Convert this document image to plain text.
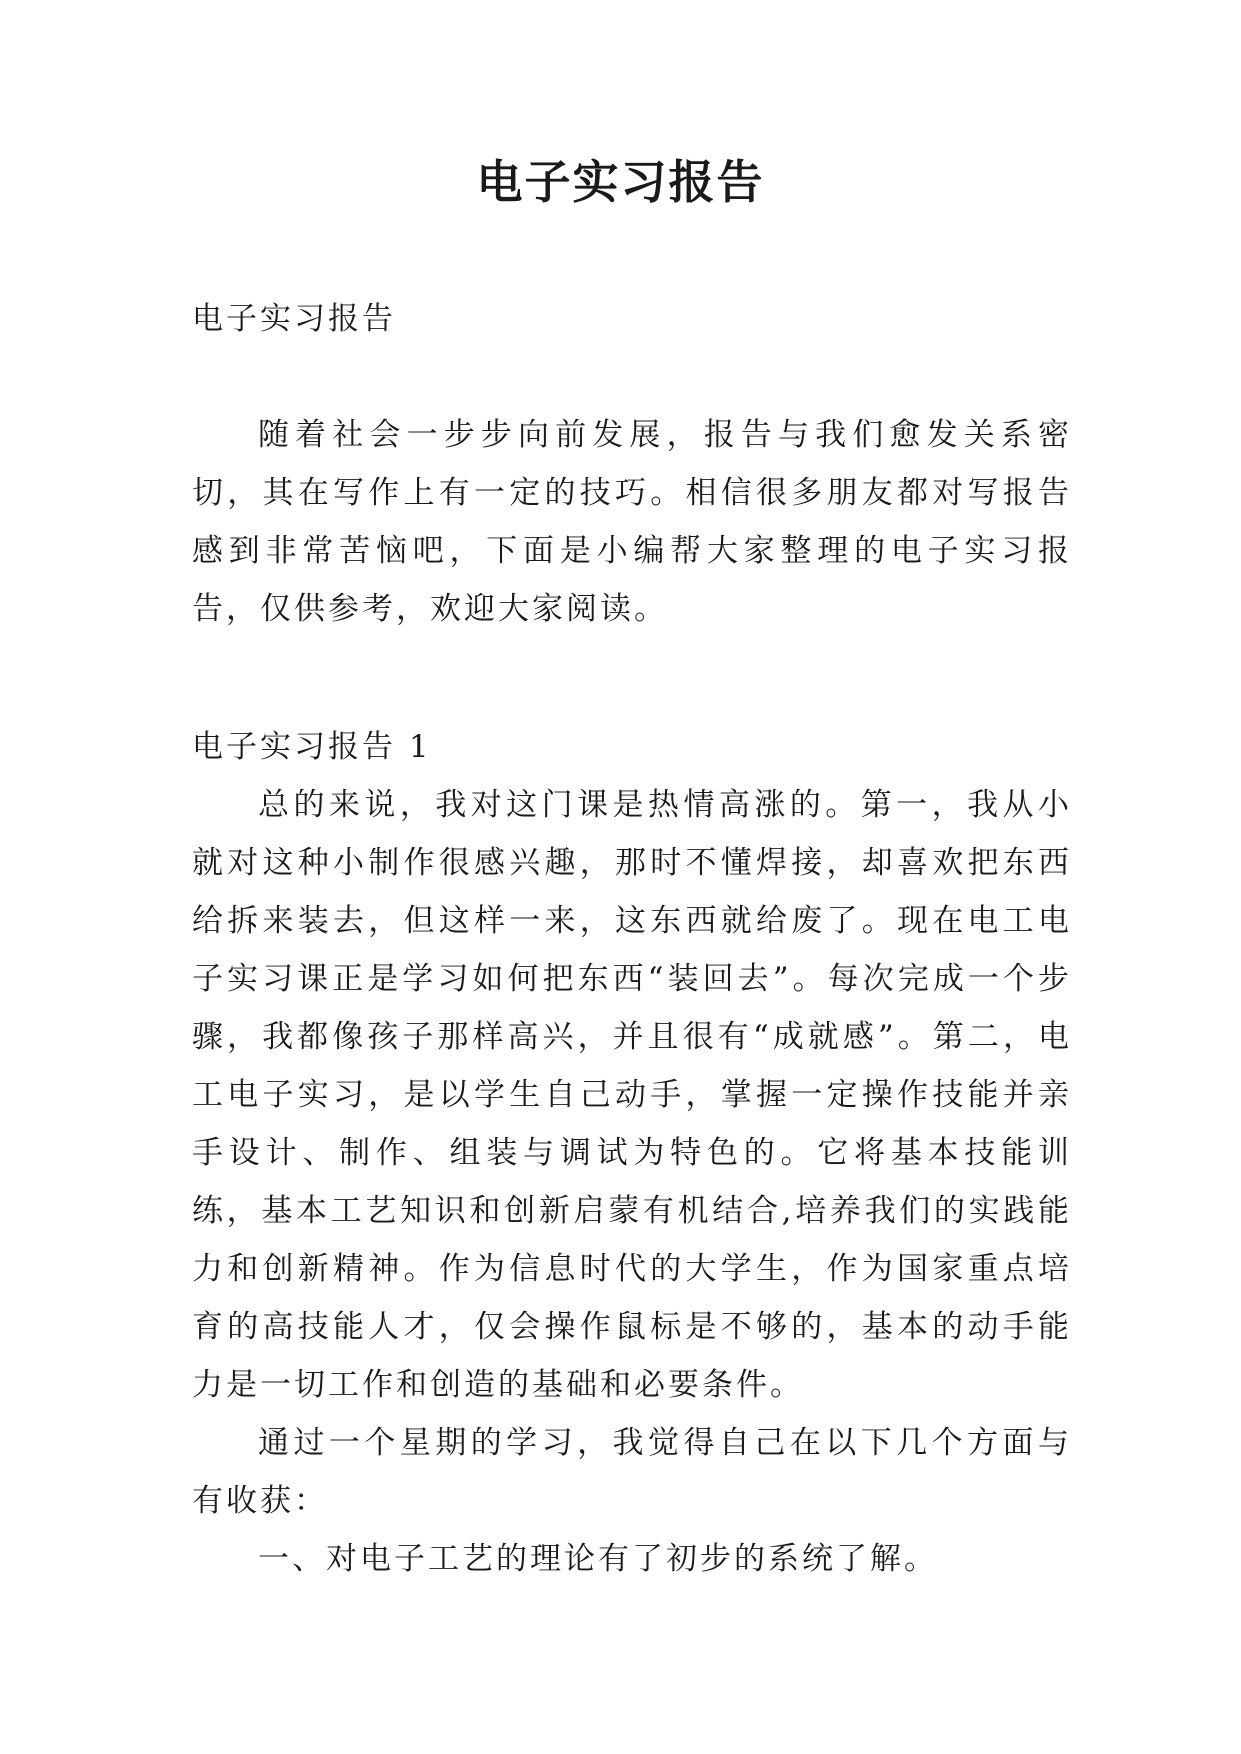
电子实习报告

电子实习报告

随着社会一步步向前发展，报告与我们愈发关系密切，其在写作上有一定的技巧。相信很多朋友都对写报告感到非常苦恼吧，下面是小编帮大家整理的电子实习报告，仅供参考，欢迎大家阅读。

电子实习报告 1

总的来说，我对这门课是热情高涨的。第一，我从小就对这种小制作很感兴趣，那时不懂焊接，却喜欢把东西给拆来装去，但这样一来，这东西就给废了。现在电工电子实习课正是学习如何把东西“装回去”。每次完成一个步骤，我都像孩子那样高兴，并且很有“成就感”。第二，电工电子实习，是以学生自己动手，掌握一定操作技能并亲手设计、制作、组装与调试为特色的。它将基本技能训练，基本工艺知识和创新启蒙有机结合,培养我们的实践能力和创新精神。作为信息时代的大学生，作为国家重点培育的高技能人才，仅会操作鼠标是不够的，基本的动手能力是一切工作和创造的基础和必要条件。

通过一个星期的学习，我觉得自己在以下几个方面与有收获：

一、对电子工艺的理论有了初步的系统了解。
